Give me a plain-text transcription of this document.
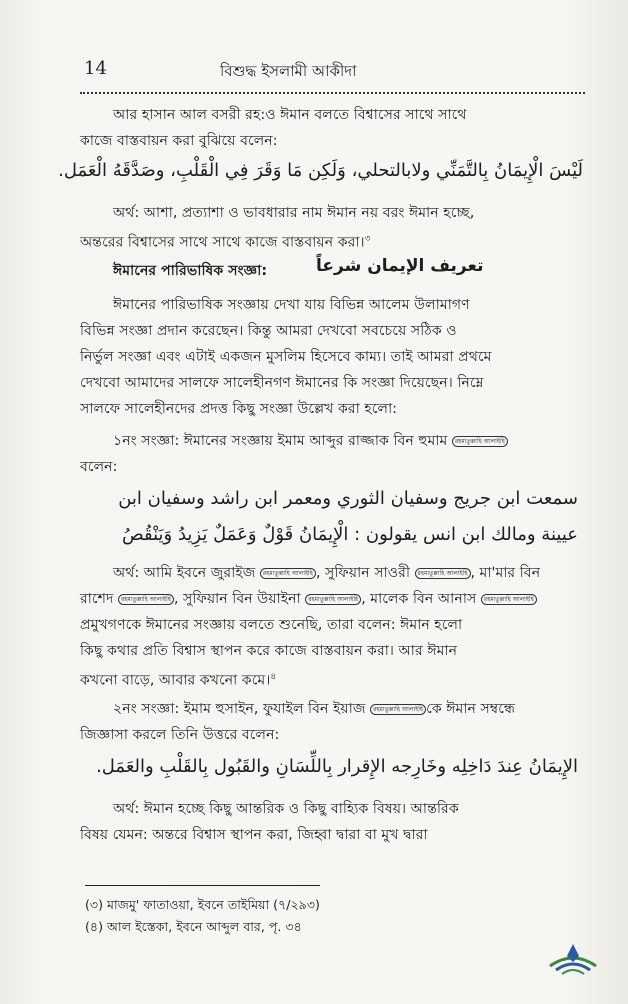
14	বিশুদ্ধ ইসলামী আকীদা
আর হাসান আল বসরী রহ:ও ঈমান বলতে বিশ্বাসের সাথে সাথে
কাজে বাস্তবায়ন করা বুঝিয়ে বলেন:
لَيْسَ الْإِيمَانُ بِالتَّمَنِّي ولابالتحلي، وَلَكِن مَا وَقَرَ فِي الْقَلْبِ، وصَدَّقَهُ الْعَمَل.
অর্থ: আশা, প্রত্যাশা ও ভাবধারার নাম ঈমান নয় বরং ঈমান হচ্ছে,
অন্তরের বিশ্বাসের সাথে সাথে কাজে বাস্তবায়ন করা।$^৩$
ঈমানের পারিভাষিক সংজ্ঞা:	تعريف الإيمان شرعاً
ঈমানের পারিভাষিক সংজ্ঞায় দেখা যায় বিভিন্ন আলেম উলামাগণ
বিভিন্ন সংজ্ঞা প্রদান করেছেন। কিন্তু আমরা দেখবো সবচেয়ে সঠিক ও
নির্ভুল সংজ্ঞা এবং এটাই একজন মুসলিম হিসেবে কাম্য। তাই আমরা প্রথমে
দেখবো আমাদের সালফে সালেহীনগণ ঈমানের কি সংজ্ঞা দিয়েছেন। নিম্নে
সালফে সালেহীনদের প্রদত্ত কিছু সংজ্ঞা উল্লেখ করা হলো:
১নং সংজ্ঞা: ঈমানের সংজ্ঞায় ইমাম আব্দুর রাজ্জাক বিন হুমাম রহমাতুল্লাহি আলাইহি
বলেন:
سمعت ابن جريج وسفيان الثوري ومعمر ابن راشد وسفيان ابن
عيينة ومالك ابن انس يقولون : الْإِيمَانُ قَوْلٌ وَعَمَلٌ يَزِيدُ وَيَنْقُصُ
অর্থ: আমি ইবনে জুরাইজ রহমাতুল্লাহি আলাইহি , সুফিয়ান সাওরী রহমাতুল্লাহি আলাইহি , মা'মার বিন
রাশেদ রহমাতুল্লাহি আলাইহি , সুফিয়ান বিন উয়াইনা রহমাতুল্লাহি আলাইহি , মালেক বিন আনাস রহমাতুল্লাহি আলাইহি
প্রমুখগণকে ঈমানের সংজ্ঞায় বলতে শুনেছি, তারা বলেন: ঈমান হলো
কিছু কথার প্রতি বিশ্বাস স্থাপন করে কাজে বাস্তবায়ন করা। আর ঈমান
কখনো বাড়ে, আবার কখনো কমে।$^৪$
২নং সংজ্ঞা: ইমাম হুসাইন, ফুযাইল বিন ইয়াজ রহমাতুল্লাহি আলাইহি কে ঈমান সম্বন্ধে
জিজ্ঞাসা করলে তিনি উত্তরে বলেন:
الإِيمَانُ عِندَ دَاخِلِه وخَارِجه الإِقرار بِاللِّسَانِ والقَبُول بِالقَلْبِ والعَمَل.
অর্থ: ঈমান হচ্ছে কিছু আন্তরিক ও কিছু বাহ্যিক বিষয়। আন্তরিক
বিষয় যেমন: অন্তরে বিশ্বাস স্থাপন করা, জিহ্বা দ্বারা বা মুখ দ্বারা
(৩) মাজমু' ফাতাওয়া, ইবনে তাইমিয়া (৭/২৯৩)
(৪) আল ইস্তেকা, ইবনে আব্দুল বার, পৃ. ৩৪
